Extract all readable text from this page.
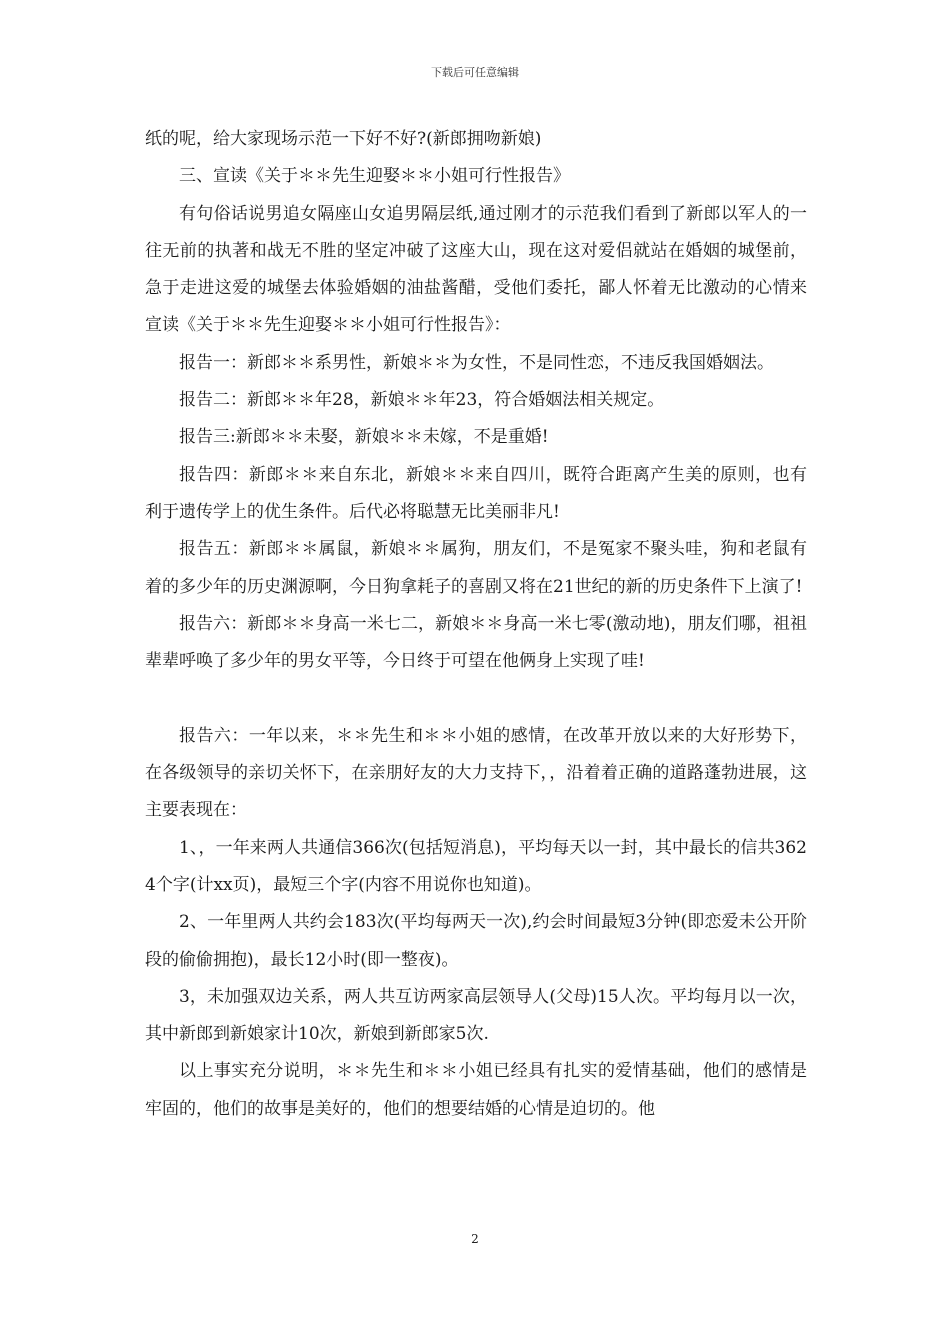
下载后可任意编辑

纸的呢，给大家现场示范一下好不好?(新郎拥吻新娘)

三、宣读《关于＊＊先生迎娶＊＊小姐可行性报告》

有句俗话说男追女隔座山女追男隔层纸,通过刚才的示范我们看到了新郎以军人的一往无前的执著和战无不胜的坚定冲破了这座大山，现在这对爱侣就站在婚姻的城堡前，急于走进这爱的城堡去体验婚姻的油盐酱醋，受他们委托，鄙人怀着无比激动的心情来宣读《关于＊＊先生迎娶＊＊小姐可行性报告》：

报告一：新郎＊＊系男性，新娘＊＊为女性，不是同性恋，不违反我国婚姻法。

报告二：新郎＊＊年28，新娘＊＊年23，符合婚姻法相关规定。

报告三:新郎＊＊未娶，新娘＊＊未嫁，不是重婚!

报告四：新郎＊＊来自东北，新娘＊＊来自四川，既符合距离产生美的原则，也有利于遗传学上的优生条件。后代必将聪慧无比美丽非凡!

报告五：新郎＊＊属鼠，新娘＊＊属狗，朋友们，不是冤家不聚头哇，狗和老鼠有着的多少年的历史渊源啊，今日狗拿耗子的喜剧又将在21世纪的新的历史条件下上演了!

报告六：新郎＊＊身高一米七二，新娘＊＊身高一米七零(激动地)，朋友们哪，祖祖辈辈呼唤了多少年的男女平等，今日终于可望在他俩身上实现了哇!

报告六：一年以来，＊＊先生和＊＊小姐的感情，在改革开放以来的大好形势下，在各级领导的亲切关怀下，在亲朋好友的大力支持下，，沿着着正确的道路蓬勃进展，这主要表现在：

1、，一年来两人共通信366次(包括短消息)，平均每天以一封，其中最长的信共3624个字(计xx页)，最短三个字(内容不用说你也知道)。

2、一年里两人共约会183次(平均每两天一次),约会时间最短3分钟(即恋爱未公开阶段的偷偷拥抱)，最长12小时(即一整夜)。

3，未加强双边关系，两人共互访两家高层领导人(父母)15人次。平均每月以一次，其中新郎到新娘家计10次，新娘到新郎家5次.

以上事实充分说明，＊＊先生和＊＊小姐已经具有扎实的爱情基础，他们的感情是牢固的，他们的故事是美好的，他们的想要结婚的心情是迫切的。他

2
